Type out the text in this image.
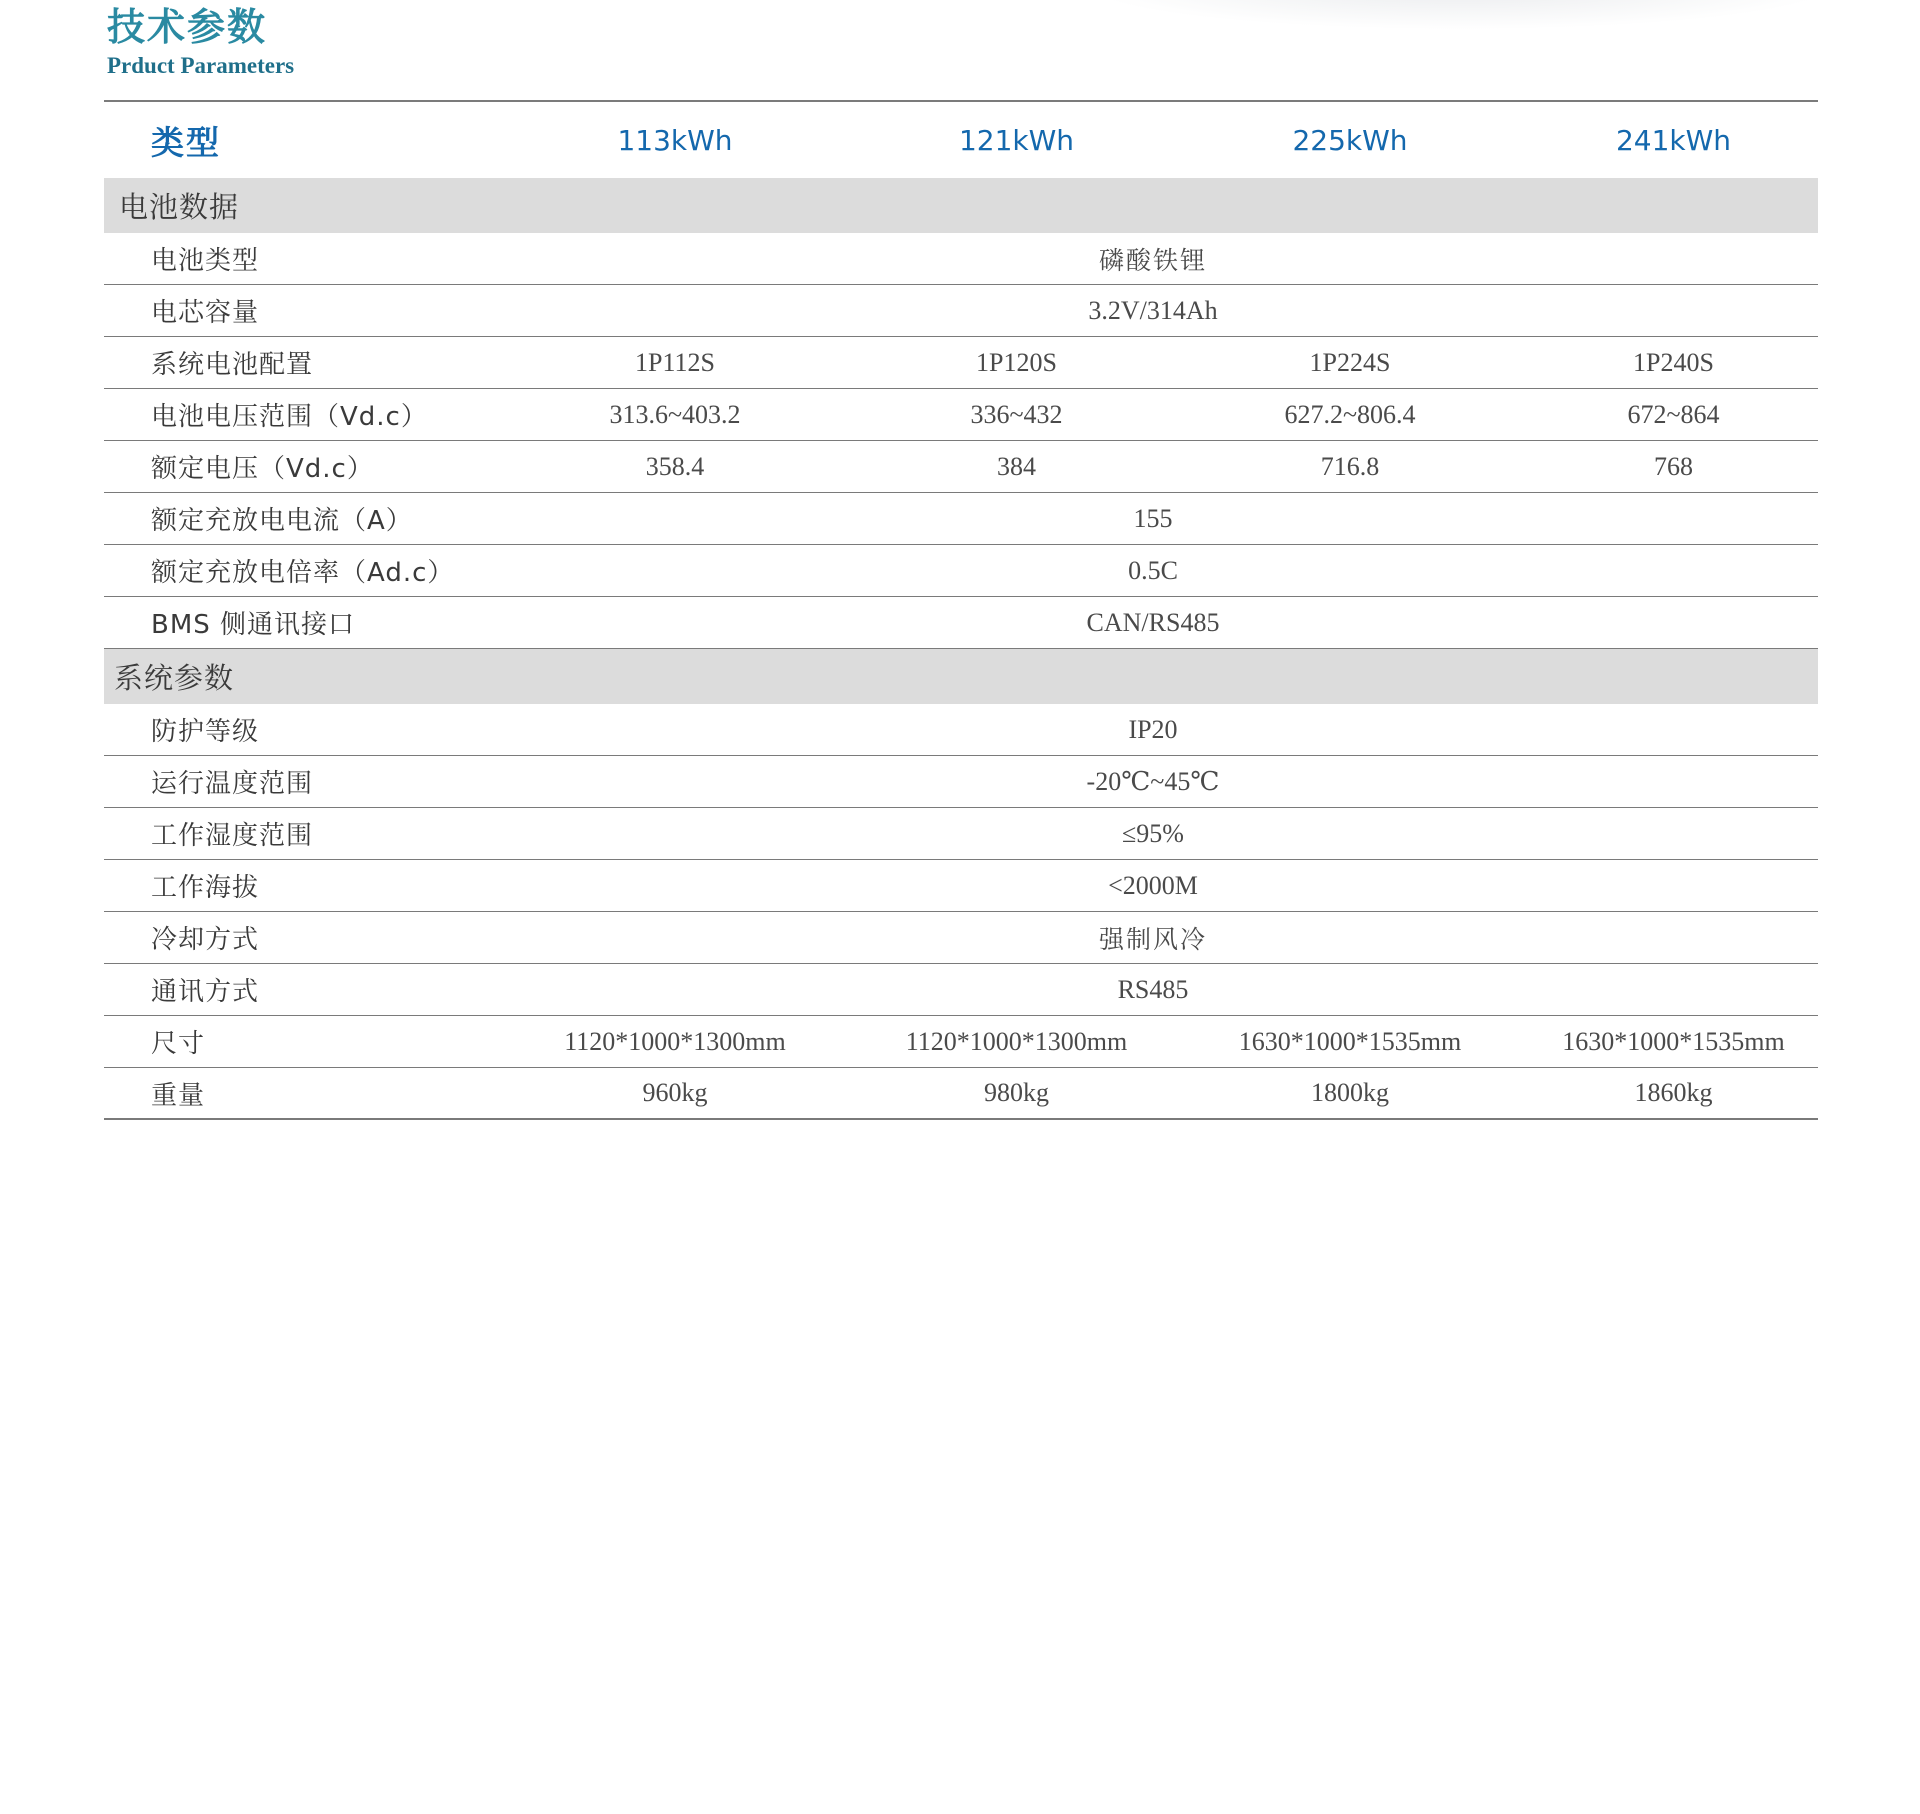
技术参数
Prduct Parameters
类型	113kWh	121kWh	225kWh	241kWh
电池数据
电池类型	磷酸铁锂
电芯容量	3.2V/314Ah
系统电池配置	1P112S	1P120S	1P224S	1P240S
电池电压范围（Vd.c）	313.6~403.2	336~432	627.2~806.4	672~864
额定电压（Vd.c）	358.4	384	716.8	768
额定充放电电流（A）	155
额定充放电倍率（Ad.c）	0.5C
BMS 侧通讯接口	CAN/RS485
系统参数
防护等级	IP20
运行温度范围	-20℃~45℃
工作湿度范围	≤95%
工作海拔	<2000M
冷却方式	强制风冷
通讯方式	RS485
尺寸	1120*1000*1300mm	1120*1000*1300mm	1630*1000*1535mm	1630*1000*1535mm
重量	960kg	980kg	1800kg	1860kg
